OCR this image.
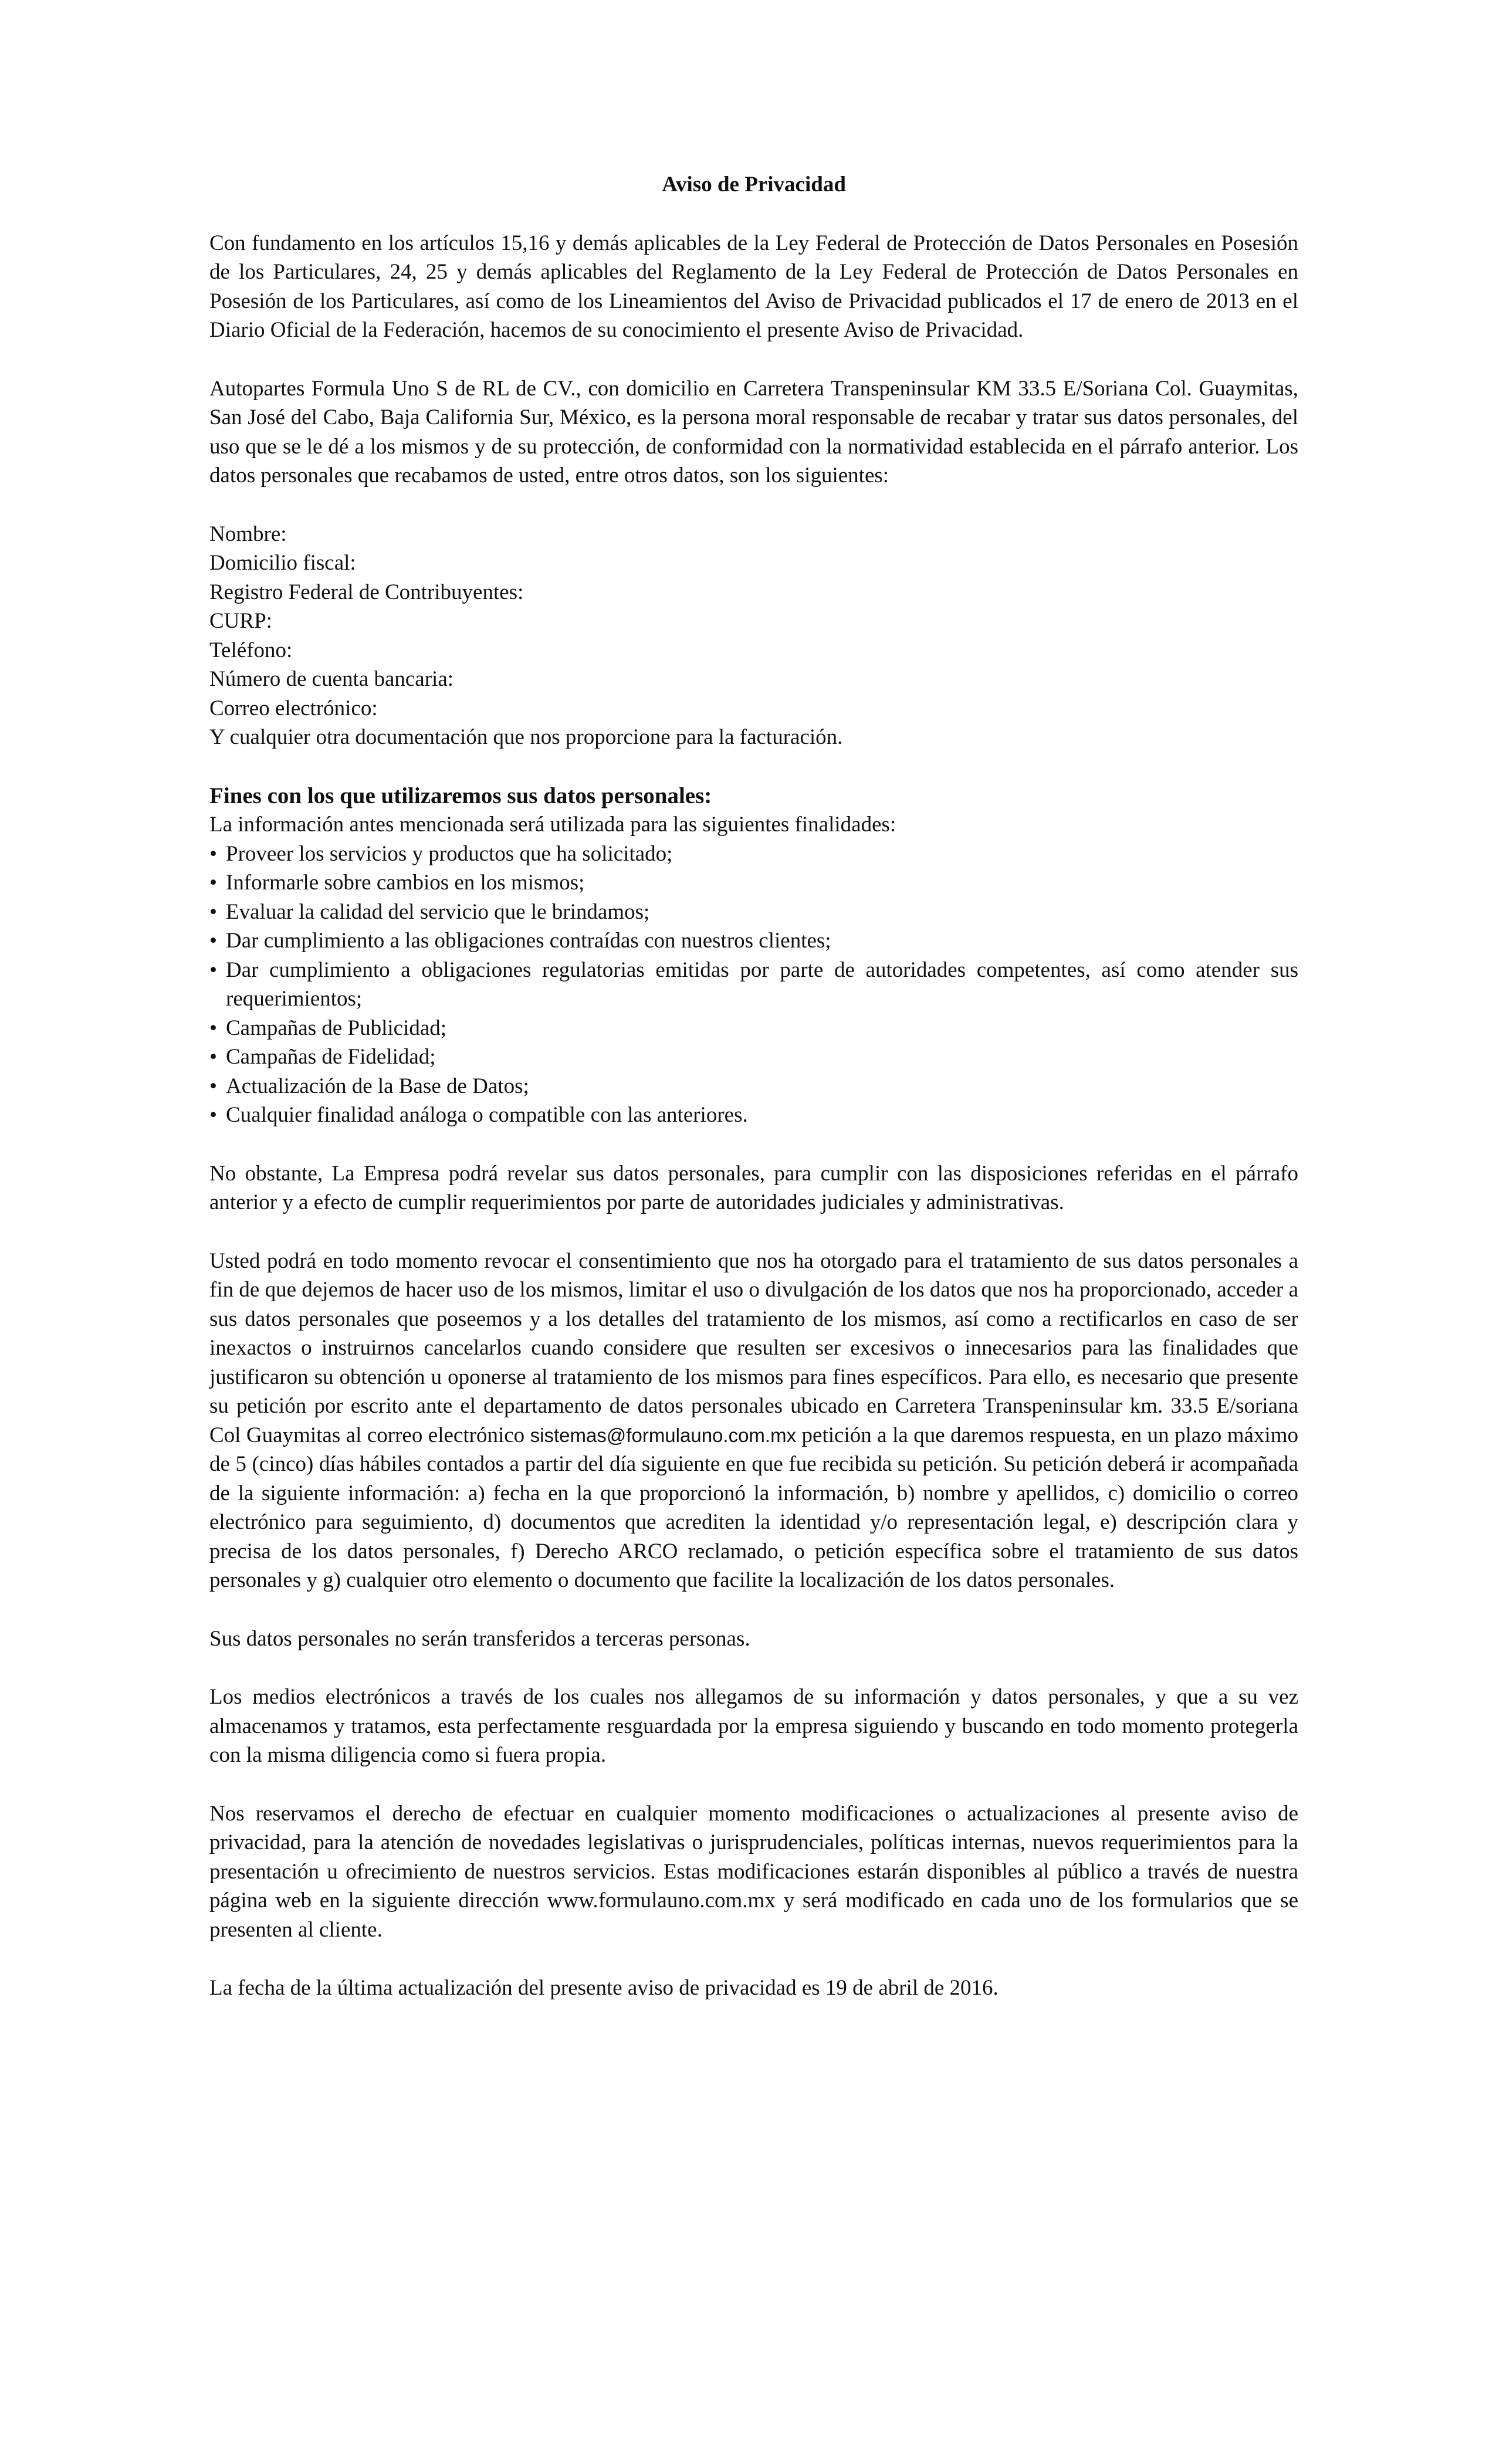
Aviso de Privacidad

Con fundamento en los artículos 15,16 y demás aplicables de la Ley Federal de Protección de Datos Personales en Posesión de los Particulares, 24, 25 y demás aplicables del Reglamento de la Ley Federal de Protección de Datos Personales en Posesión de los Particulares, así como de los Lineamientos del Aviso de Privacidad publicados el 17 de enero de 2013 en el Diario Oficial de la Federación, hacemos de su conocimiento el presente Aviso de Privacidad.

Autopartes Formula Uno S de RL de CV., con domicilio en Carretera Transpeninsular KM 33.5 E/Soriana Col. Guaymitas, San José del Cabo, Baja California Sur, México, es la persona moral responsable de recabar y tratar sus datos personales, del uso que se le dé a los mismos y de su protección, de conformidad con la normatividad establecida en el párrafo anterior. Los datos personales que recabamos de usted, entre otros datos, son los siguientes:

Nombre:
Domicilio fiscal:
Registro Federal de Contribuyentes:
CURP:
Teléfono:
Número de cuenta bancaria:
Correo electrónico:
Y cualquier otra documentación que nos proporcione para la facturación.

Fines con los que utilizaremos sus datos personales:

La información antes mencionada será utilizada para las siguientes finalidades:

• Proveer los servicios y productos que ha solicitado;
• Informarle sobre cambios en los mismos;
• Evaluar la calidad del servicio que le brindamos;
• Dar cumplimiento a las obligaciones contraídas con nuestros clientes;
• Dar cumplimiento a obligaciones regulatorias emitidas por parte de autoridades competentes, así como atender sus requerimientos;
• Campañas de Publicidad;
• Campañas de Fidelidad;
• Actualización de la Base de Datos;
• Cualquier finalidad análoga o compatible con las anteriores.

No obstante, La Empresa podrá revelar sus datos personales, para cumplir con las disposiciones referidas en el párrafo anterior y a efecto de cumplir requerimientos por parte de autoridades judiciales y administrativas.

Usted podrá en todo momento revocar el consentimiento que nos ha otorgado para el tratamiento de sus datos personales a fin de que dejemos de hacer uso de los mismos, limitar el uso o divulgación de los datos que nos ha proporcionado, acceder a sus datos personales que poseemos y a los detalles del tratamiento de los mismos, así como a rectificarlos en caso de ser inexactos o instruirnos cancelarlos cuando considere que resulten ser excesivos o innecesarios para las finalidades que justificaron su obtención u oponerse al tratamiento de los mismos para fines específicos. Para ello, es necesario que presente su petición por escrito ante el departamento de datos personales ubicado en Carretera Transpeninsular km. 33.5 E/soriana Col Guaymitas al correo electrónico sistemas@formulauno.com.mx petición a la que daremos respuesta, en un plazo máximo de 5 (cinco) días hábiles contados a partir del día siguiente en que fue recibida su petición. Su petición deberá ir acompañada de la siguiente información: a) fecha en la que proporcionó la información, b) nombre y apellidos, c) domicilio o correo electrónico para seguimiento, d) documentos que acrediten la identidad y/o representación legal, e) descripción clara y precisa de los datos personales, f) Derecho ARCO reclamado, o petición específica sobre el tratamiento de sus datos personales y g) cualquier otro elemento o documento que facilite la localización de los datos personales.

Sus datos personales no serán transferidos a terceras personas.

Los medios electrónicos a través de los cuales nos allegamos de su información y datos personales, y que a su vez almacenamos y tratamos, esta perfectamente resguardada por la empresa siguiendo y buscando en todo momento protegerla con la misma diligencia como si fuera propia.

Nos reservamos el derecho de efectuar en cualquier momento modificaciones o actualizaciones al presente aviso de privacidad, para la atención de novedades legislativas o jurisprudenciales, políticas internas, nuevos requerimientos para la presentación u ofrecimiento de nuestros servicios. Estas modificaciones estarán disponibles al público a través de nuestra página web en la siguiente dirección www.formulauno.com.mx y será modificado en cada uno de los formularios que se presenten al cliente.

La fecha de la última actualización del presente aviso de privacidad es 19 de abril de 2016.
